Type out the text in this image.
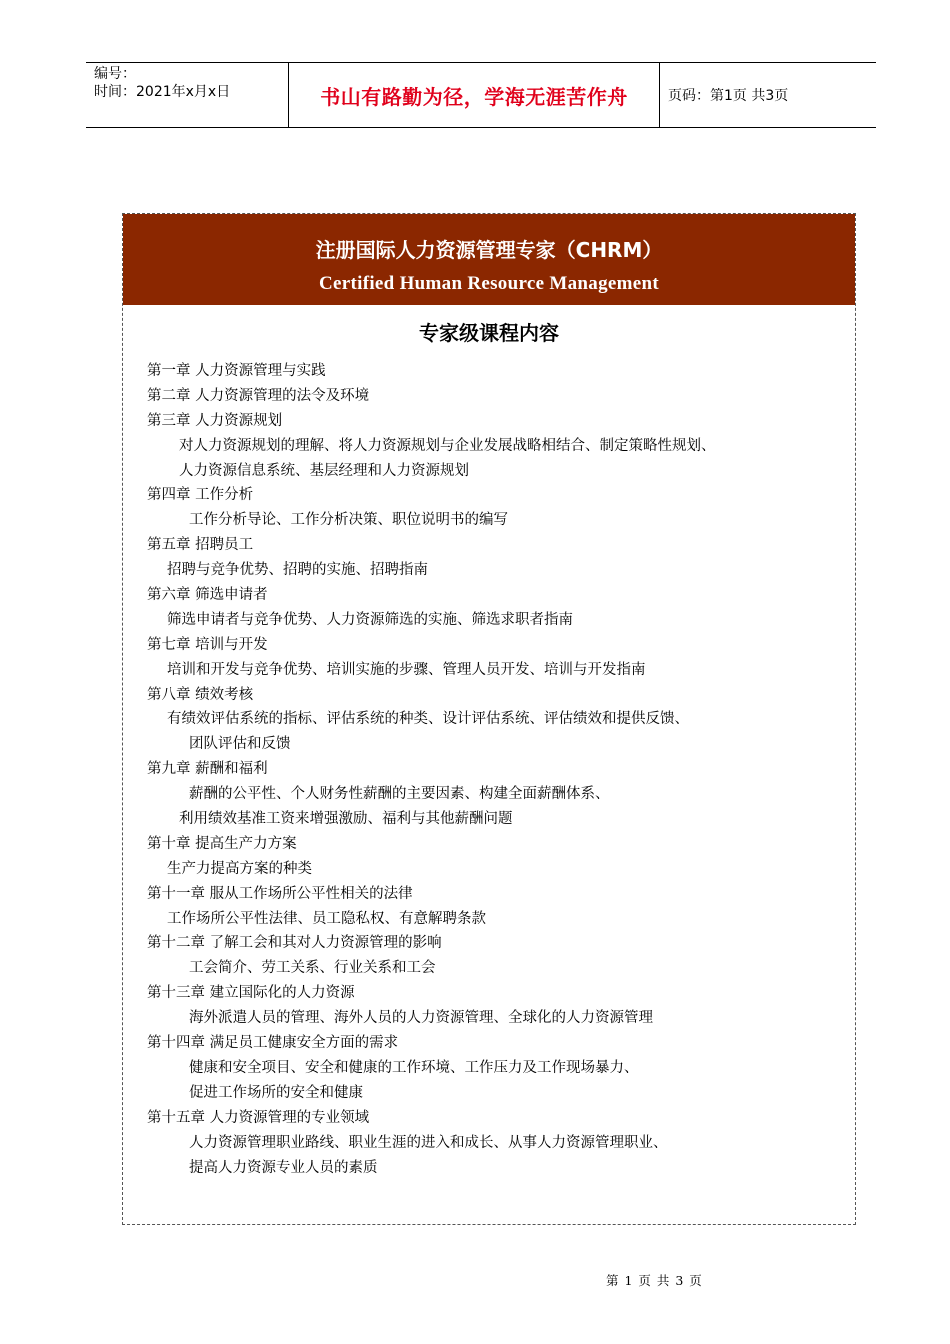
编号：
时间：2021年x月x日	书山有路勤为径，学海无涯苦作舟	页码：第1页 共3页
注册国际人力资源管理专家（CHRM）
Certified Human Resource Management
专家级课程内容
第一章 人力资源管理与实践
第二章 人力资源管理的法令及环境
第三章 人力资源规划
对人力资源规划的理解、将人力资源规划与企业发展战略相结合、制定策略性规划、
人力资源信息系统、基层经理和人力资源规划
第四章 工作分析
工作分析导论、工作分析决策、职位说明书的编写
第五章 招聘员工
招聘与竞争优势、招聘的实施、招聘指南
第六章 筛选申请者
筛选申请者与竞争优势、人力资源筛选的实施、筛选求职者指南
第七章 培训与开发
培训和开发与竞争优势、培训实施的步骤、管理人员开发、培训与开发指南
第八章 绩效考核
有绩效评估系统的指标、评估系统的种类、设计评估系统、评估绩效和提供反馈、
团队评估和反馈
第九章 薪酬和福利
薪酬的公平性、个人财务性薪酬的主要因素、构建全面薪酬体系、
利用绩效基准工资来增强激励、福利与其他薪酬问题
第十章 提高生产力方案
生产力提高方案的种类
第十一章 服从工作场所公平性相关的法律
工作场所公平性法律、员工隐私权、有意解聘条款
第十二章 了解工会和其对人力资源管理的影响
工会简介、劳工关系、行业关系和工会
第十三章 建立国际化的人力资源
海外派遣人员的管理、海外人员的人力资源管理、全球化的人力资源管理
第十四章 满足员工健康安全方面的需求
健康和安全项目、安全和健康的工作环境、工作压力及工作现场暴力、
促进工作场所的安全和健康
第十五章 人力资源管理的专业领域
人力资源管理职业路线、职业生涯的进入和成长、从事人力资源管理职业、
提高人力资源专业人员的素质
第 1 页 共 3 页
